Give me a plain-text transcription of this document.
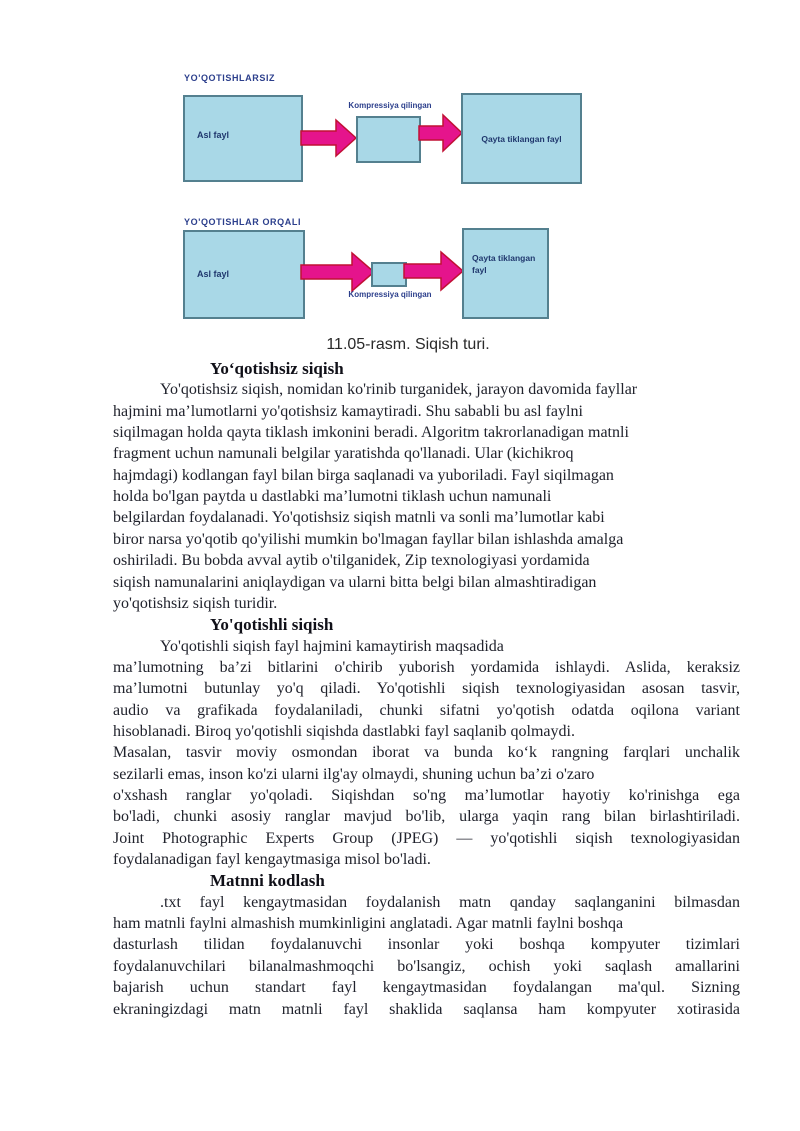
YO'QOTISHLARSIZ
Asl fayl
Kompressiya qilingan
Qayta tiklangan fayl
YO'QOTISHLAR ORQALI
Asl fayl
Kompressiya qilingan
Qayta tiklangan fayl
11.05-rasm. Siqish turi.
Yoʻqotishsiz siqish
Yo'qotishsiz siqish, nomidan ko'rinib turganidek, jarayon davomida fayllar
hajmini ma’lumotlarni yo'qotishsiz kamaytiradi. Shu sababli bu asl faylni
siqilmagan holda qayta tiklash imkonini beradi. Algoritm takrorlanadigan matnli
fragment uchun namunali belgilar yaratishda qo'llanadi. Ular (kichikroq
hajmdagi) kodlangan fayl bilan birga saqlanadi va yuboriladi. Fayl siqilmagan
holda bo'lgan paytda u dastlabki ma’lumotni tiklash uchun namunali
belgilardan foydalanadi. Yo'qotishsiz siqish matnli va sonli ma’lumotlar kabi
biror narsa yo'qotib qo'yilishi mumkin bo'lmagan fayllar bilan ishlashda amalga
oshiriladi. Bu bobda avval aytib o'tilganidek, Zip texnologiyasi yordamida
siqish namunalarini aniqlaydigan va ularni bitta belgi bilan almashtiradigan
yo'qotishsiz siqish turidir.
Yo'qotishli siqish
Yo'qotishli siqish fayl hajmini kamaytirish maqsadida
ma’lumotning ba’zi bitlarini o'chirib yuborish yordamida ishlaydi. Aslida, keraksiz
ma’lumotni butunlay yo'q qiladi. Yo'qotishli siqish texnologiyasidan asosan tasvir,
audio va grafikada foydalaniladi, chunki sifatni yo'qotish odatda oqilona variant
hisoblanadi. Biroq yo'qotishli siqishda dastlabki fayl saqlanib qolmaydi.
Masalan, tasvir moviy osmondan iborat va bunda koʻk rangning farqlari unchalik
sezilarli emas, inson ko'zi ularni ilg'ay olmaydi, shuning uchun ba’zi o'zaro
o'xshash ranglar yo'qoladi. Siqishdan so'ng ma’lumotlar hayotiy ko'rinishga ega
bo'ladi, chunki asosiy ranglar mavjud bo'lib, ularga yaqin rang bilan birlashtiriladi.
Joint Photographic Experts Group (JPEG) — yo'qotishli siqish texnologiyasidan
foydalanadigan fayl kengaytmasiga misol bo'ladi.
Matnni kodlash
.txt fayl kengaytmasidan foydalanish matn qanday saqlanganini bilmasdan
ham matnli faylni almashish mumkinligini anglatadi. Agar matnli faylni boshqa
dasturlash tilidan foydalanuvchi insonlar yoki boshqa kompyuter tizimlari
foydalanuvchilari bilanalmashmoqchi bo'lsangiz, ochish yoki saqlash amallarini
bajarish uchun standart fayl kengaytmasidan foydalangan ma'qul. Sizning
ekraningizdagi matn matnli fayl shaklida saqlansa ham kompyuter xotirasida
